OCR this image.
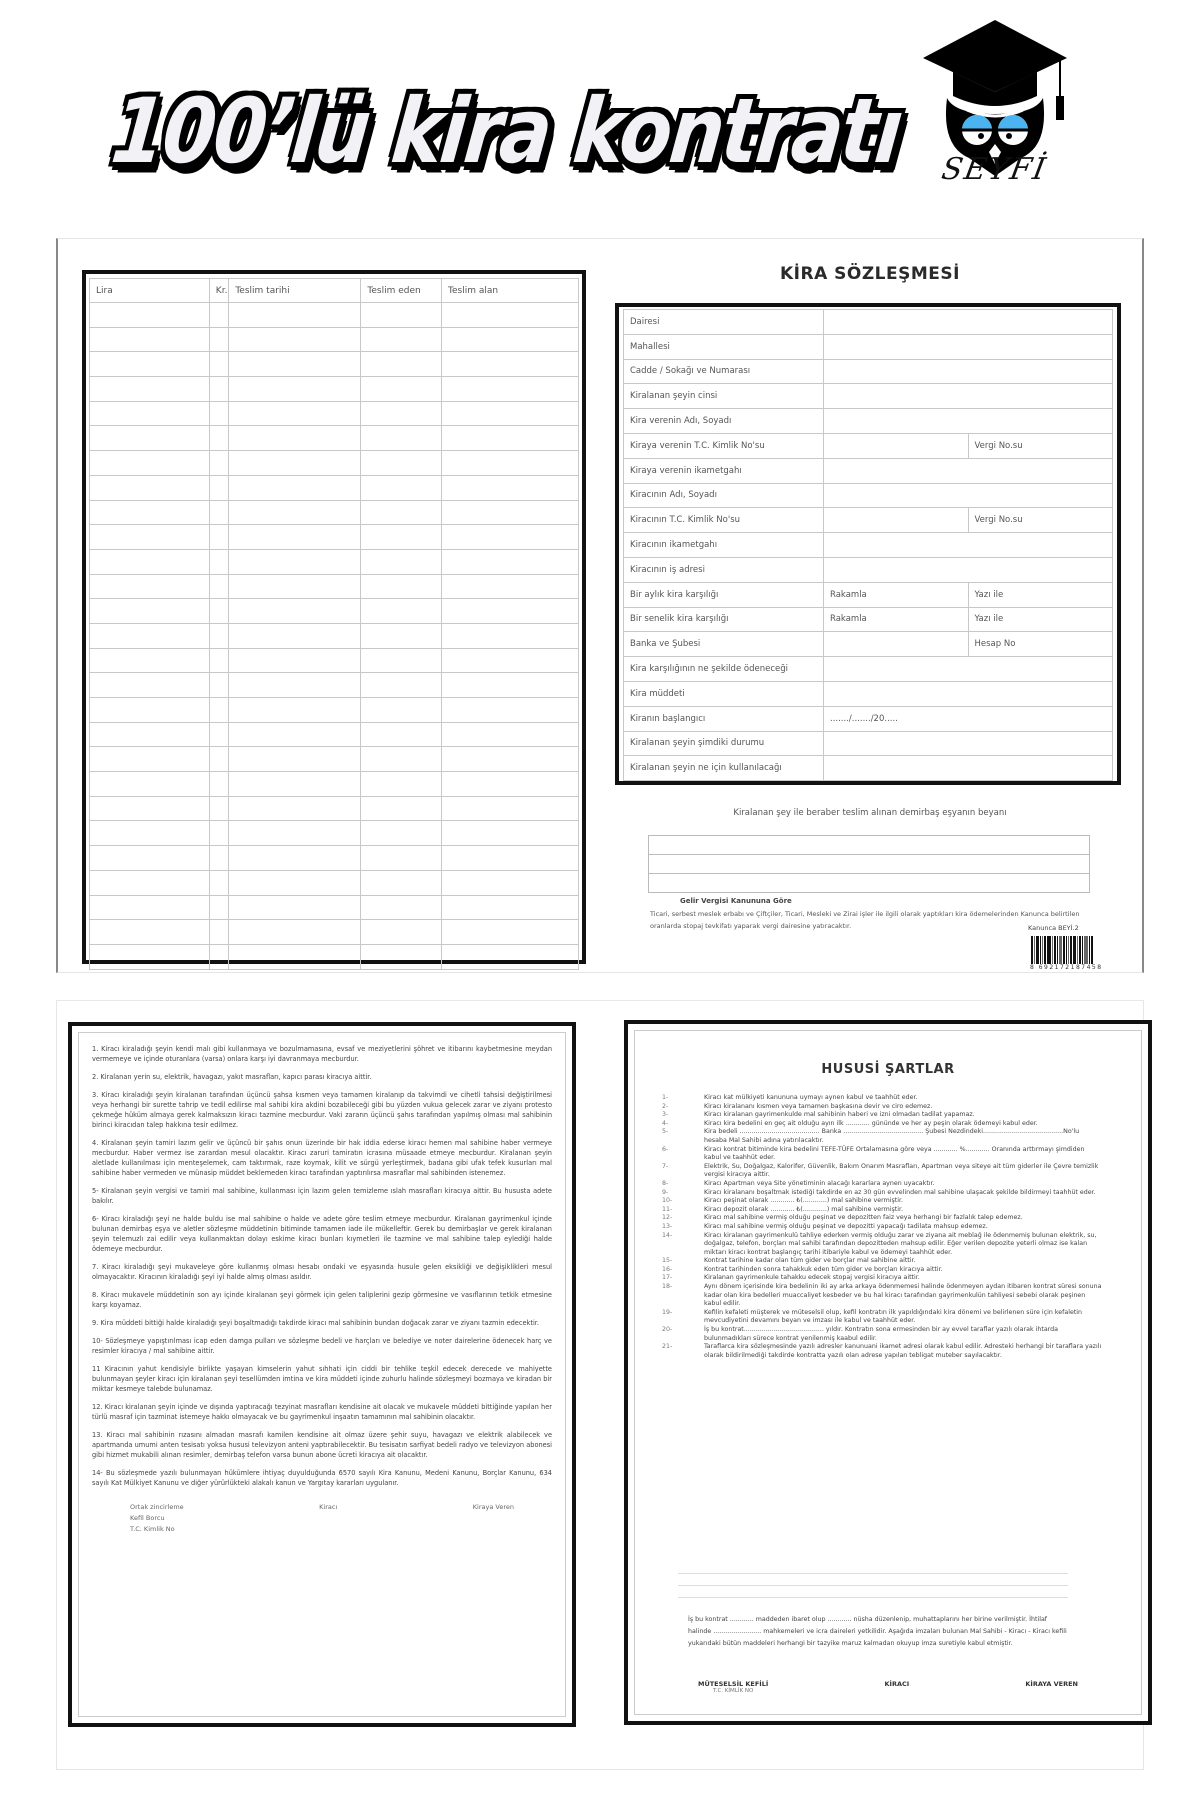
100’lü kira kontratı SEYFİ
Lira	Kr.	Teslim tarihi	Teslim eden	Teslim alan

KİRA SÖZLEŞMESİ
Dairesi		
Mahallesi		
Cadde / Sokağı ve Numarası		
Kiralanan şeyin cinsi		
Kira verenin Adı, Soyadı		
Kiraya verenin T.C. Kimlik No'su		Vergi No.su
Kiraya verenin ikametgahı		
Kiracının Adı, Soyadı		
Kiracının T.C. Kimlik No'su		Vergi No.su
Kiracının ikametgahı		
Kiracının iş adresi		
Bir aylık kira karşılığı	Rakamla	Yazı ile
Bir senelik kira karşılığı	Rakamla	Yazı ile
Banka ve Şubesi		Hesap No
Kira karşılığının ne şekilde ödeneceği		
Kira müddeti		
Kiranın başlangıcı	......./......./20.....	
Kiralanan şeyin şimdiki durumu		
Kiralanan şeyin ne için kullanılacağı		
Kiralanan şey ile beraber teslim alınan demirbaş eşyanın beyanı
Gelir Vergisi Kanununa Göre
Ticari, serbest meslek erbabı ve Çiftçiler, Ticari, Mesleki ve Zirai işler ile ilgili olarak yaptıkları kira ödemelerinden Kanunca belirtilen oranlarda stopaj tevkifatı yaparak vergi dairesine yatıracaktır.	Kanunca BEYİ.2
8 692172187458
1. Kiracı kiraladığı şeyin kendi malı gibi kullanmaya ve bozulmamasına, evsaf ve meziyetlerini şöhret ve itibarını kaybetmesine meydan vermemeye ve içinde oturanlara (varsa) onlara karşı iyi davranmaya mecburdur.
2. Kiralanan yerin su, elektrik, havagazı, yakıt masrafları, kapıcı parası kiracıya aittir.
3. Kiracı kiraladığı şeyin kiralanan tarafından üçüncü şahsa kısmen veya tamamen kiralanıp da takvimdi ve cihetli tahsisi değiştirilmesi veya herhangi bir surette tahrip ve tedil edilirse mal sahibi kira akdini bozabileceği gibi bu yüzden vukua gelecek zarar ve ziyanı protesto çekmeğe hüküm almaya gerek kalmaksızın kiracı tazmine mecburdur. Vaki zararın üçüncü şahıs tarafından yapılmış olması mal sahibinin birinci kiracıdan talep hakkına tesir edilmez.
4. Kiralanan şeyin tamiri lazım gelir ve üçüncü bir şahıs onun üzerinde bir hak iddia ederse kiracı hemen mal sahibine haber vermeye mecburdur. Haber vermez ise zarardan mesul olacaktır. Kiracı zaruri tamiratın icrasına müsaade etmeye mecburdur. Kiralanan şeyin aletlade kullanılması için menteşelemek, cam taktırmak, raze koymak, kilit ve sürgü yerleştirmek, badana gibi ufak tefek kusurları mal sahibine haber vermeden ve münasip müddet beklemeden kiracı tarafından yaptırılırsa masraflar mal sahibinden istenemez.
5- Kiralanan şeyin vergisi ve tamiri mal sahibine, kullanması için lazım gelen temizleme ıslah masrafları kiracıya aittir. Bu hususta adete bakılır.
6- Kiracı kiraladığı şeyi ne halde buldu ise mal sahibine o halde ve adete göre teslim etmeye mecburdur. Kiralanan gayrimenkul içinde bulunan demirbaş eşya ve aletler sözleşme müddetinin bitiminde tamamen iade ile mükelleftir. Gerek bu demirbaşlar ve gerek kiralanan şeyin telemuzlı zai edilir veya kullanmaktan dolayı eskime kiracı bunları kıymetleri ile tazmine ve mal sahibine talep eylediği halde ödemeye mecburdur.
7. Kiracı kiraladığı şeyi mukaveleye göre kullanmış olması hesabı ondaki ve eşyasında husule gelen eksikliği ve değişiklikleri mesul olmayacaktır. Kiracının kiraladığı şeyi iyi halde almış olması asıldır.
8. Kiracı mukavele müddetinin son ayı içinde kiralanan şeyi görmek için gelen taliplerini gezip görmesine ve vasıflarının tetkik etmesine karşı koyamaz.
9. Kira müddeti bittiği halde kiraladığı şeyi boşaltmadığı takdirde kiracı mal sahibinin bundan doğacak zarar ve ziyanı tazmin edecektir.
10- Sözleşmeye yapıştırılması icap eden damga pulları ve sözleşme bedeli ve harçları ve belediye ve noter dairelerine ödenecek harç ve resimler kiracıya / mal sahibine aittir.
11 Kiracının yahut kendisiyle birlikte yaşayan kimselerin yahut sıhhati için ciddi bir tehlike teşkil edecek derecede ve mahiyette bulunmayan şeyler kiracı için kiralanan şeyi tesellümden imtina ve kira müddeti içinde zuhurlu halinde sözleşmeyi bozmaya ve kiradan bir miktar kesmeye talebde bulunamaz.
12. Kiracı kiralanan şeyin içinde ve dışında yaptıracağı tezyinat masrafları kendisine ait olacak ve mukavele müddeti bittiğinde yapılan her türlü masraf için tazminat istemeye hakkı olmayacak ve bu gayrimenkul inşaatın tamamının mal sahibinin olacaktır.
13. Kiracı mal sahibinin rızasını almadan masrafı kamilen kendisine ait olmaz üzere şehir suyu, havagazı ve elektrik alabilecek ve apartmanda umumi anten tesisatı yoksa hususi televizyon anteni yaptırabilecektir. Bu tesisatın sarfiyat bedeli radyo ve televizyon abonesi gibi hizmet mukabili alınan resimler, demirbaş telefon varsa bunun abone ücreti kiracıya ait olacaktır.
14- Bu sözleşmede yazılı bulunmayan hükümlere ihtiyaç duyulduğunda 6570 sayılı Kira Kanunu, Medeni Kanunu, Borçlar Kanunu, 634 sayılı Kat Mülkiyet Kanunu ve diğer yürürlükteki alakalı kanun ve Yargıtay kararları uygulanır.
Ortak zincirleme
Kefil Borcu
T.C. Kimlik No
Kiracı	Kiraya Veren
HUSUSİ ŞARTLAR
1-	Kiracı kat mülkiyeti kanununa uymayı aynen kabul ve taahhüt eder.
2-	Kiracı kiralananı kısmen veya tamamen başkasına devir ve ciro edemez.
3-	Kiracı kiralanan gayrimenkulde mal sahibinin haberi ve izni olmadan tadilat yapamaz.
4-	Kiracı kira bedelini en geç ait olduğu ayın ilk ............ gününde ve her ay peşin olarak ödemeyi kabul eder.
5-	Kira bedeli ........................................ Banka ........................................ Şubesi Nezdindeki........................................No'lu hesaba Mal Sahibi adına yatırılacaktır.
6-	Kiracı kontrat bitiminde kira bedelini TEFE-TÜFE Ortalamasına göre veya ............ %............ Oranında arttırmayı şimdiden kabul ve taahhüt eder.
7-	Elektrik, Su, Doğalgaz, Kalorifer, Güvenlik, Bakım Onarım Masrafları, Apartman veya siteye ait tüm giderler ile Çevre temizlik vergisi kiracıya aittir.
8-	Kiracı Apartman veya Site yönetiminin alacağı kararlara aynen uyacaktır.
9-	Kiracı kiralananı boşaltmak istediği takdirde en az 30 gün evvelinden mal sahibine ulaşacak şekilde bildirmeyi taahhüt eder.
10-	Kiracı peşinat olarak ............ ₺(............) mal sahibine vermiştir.
11-	Kiracı depozit olarak ............ ₺(............) mal sahibine vermiştir.
12-	Kiracı mal sahibine vermiş olduğu peşinat ve depozitten faiz veya herhangi bir fazlalık talep edemez.
13-	Kiracı mal sahibine vermiş olduğu peşinat ve depozitti yapacağı tadilata mahsup edemez.
14-	Kiracı kiralanan gayrimenkulü tahliye ederken vermiş olduğu zarar ve ziyana ait meblağ ile ödenmemiş bulunan elektrik, su, doğalgaz, telefon, borçları mal sahibi tarafından depozitteden mahsup edilir. Eğer verilen depozite yeterli olmaz ise kalan miktarı kiracı kontrat başlangıç tarihi itibariyle kabul ve ödemeyi taahhüt eder.
15-	Kontrat tarihine kadar olan tüm gider ve borçlar mal sahibine aittir.
16-	Kontrat tarihinden sonra tahakkuk eden tüm gider ve borçları kiracıya aittir.
17-	Kiralanan gayrimenkule tahakku edecek stopaj vergisi kiracıya aittir.
18-	Aynı dönem içerisinde kira bedelinin iki ay arka arkaya ödenmemesi halinde ödenmeyen aydan itibaren kontrat süresi sonuna kadar olan kira bedelleri muaccaliyet kesbeder ve bu hal kiracı tarafından gayrimenkulün tahliyesi sebebi olarak peşinen kabul edilir.
19-	Kefilin kefaleti müşterek ve müteselsil olup, kefil kontratın ilk yapıldığındaki kira dönemi ve belirlenen süre için kefaletin mevcudiyetini devamını beyan ve imzası ile kabul ve taahhüt eder.
20-	İş bu kontrat........................................ yıldır. Kontratın sona ermesinden bir ay evvel taraflar yazılı olarak ihtarda bulunmadıkları sürece kontrat yenilenmiş kaabul edilir.
21-	Taraflarca kira sözleşmesinde yazılı adresler kanunuani ikamet adresi olarak kabul edilir. Adresteki herhangi bir taraflara yazılı olarak bildirilmediği takdirde kontratta yazılı olan adrese yapılan tebligat muteber sayılacaktır.
İş bu kontrat ............ maddeden ibaret olup ............ nüsha düzenlenip, muhattaplarını her birine verilmiştir. İhtilaf halinde ........................ mahkemeleri ve icra daireleri yetkilidir. Aşağıda imzaları bulunan Mal Sahibi - Kiracı - Kiracı kefili yukarıdaki bütün maddeleri herhangi bir tazyike maruz kalmadan okuyup imza suretiyle kabul etmiştir.
MÜTESELSİL KEFİLİ
T.C. KİMLİK NO
KİRACI	KİRAYA VEREN
